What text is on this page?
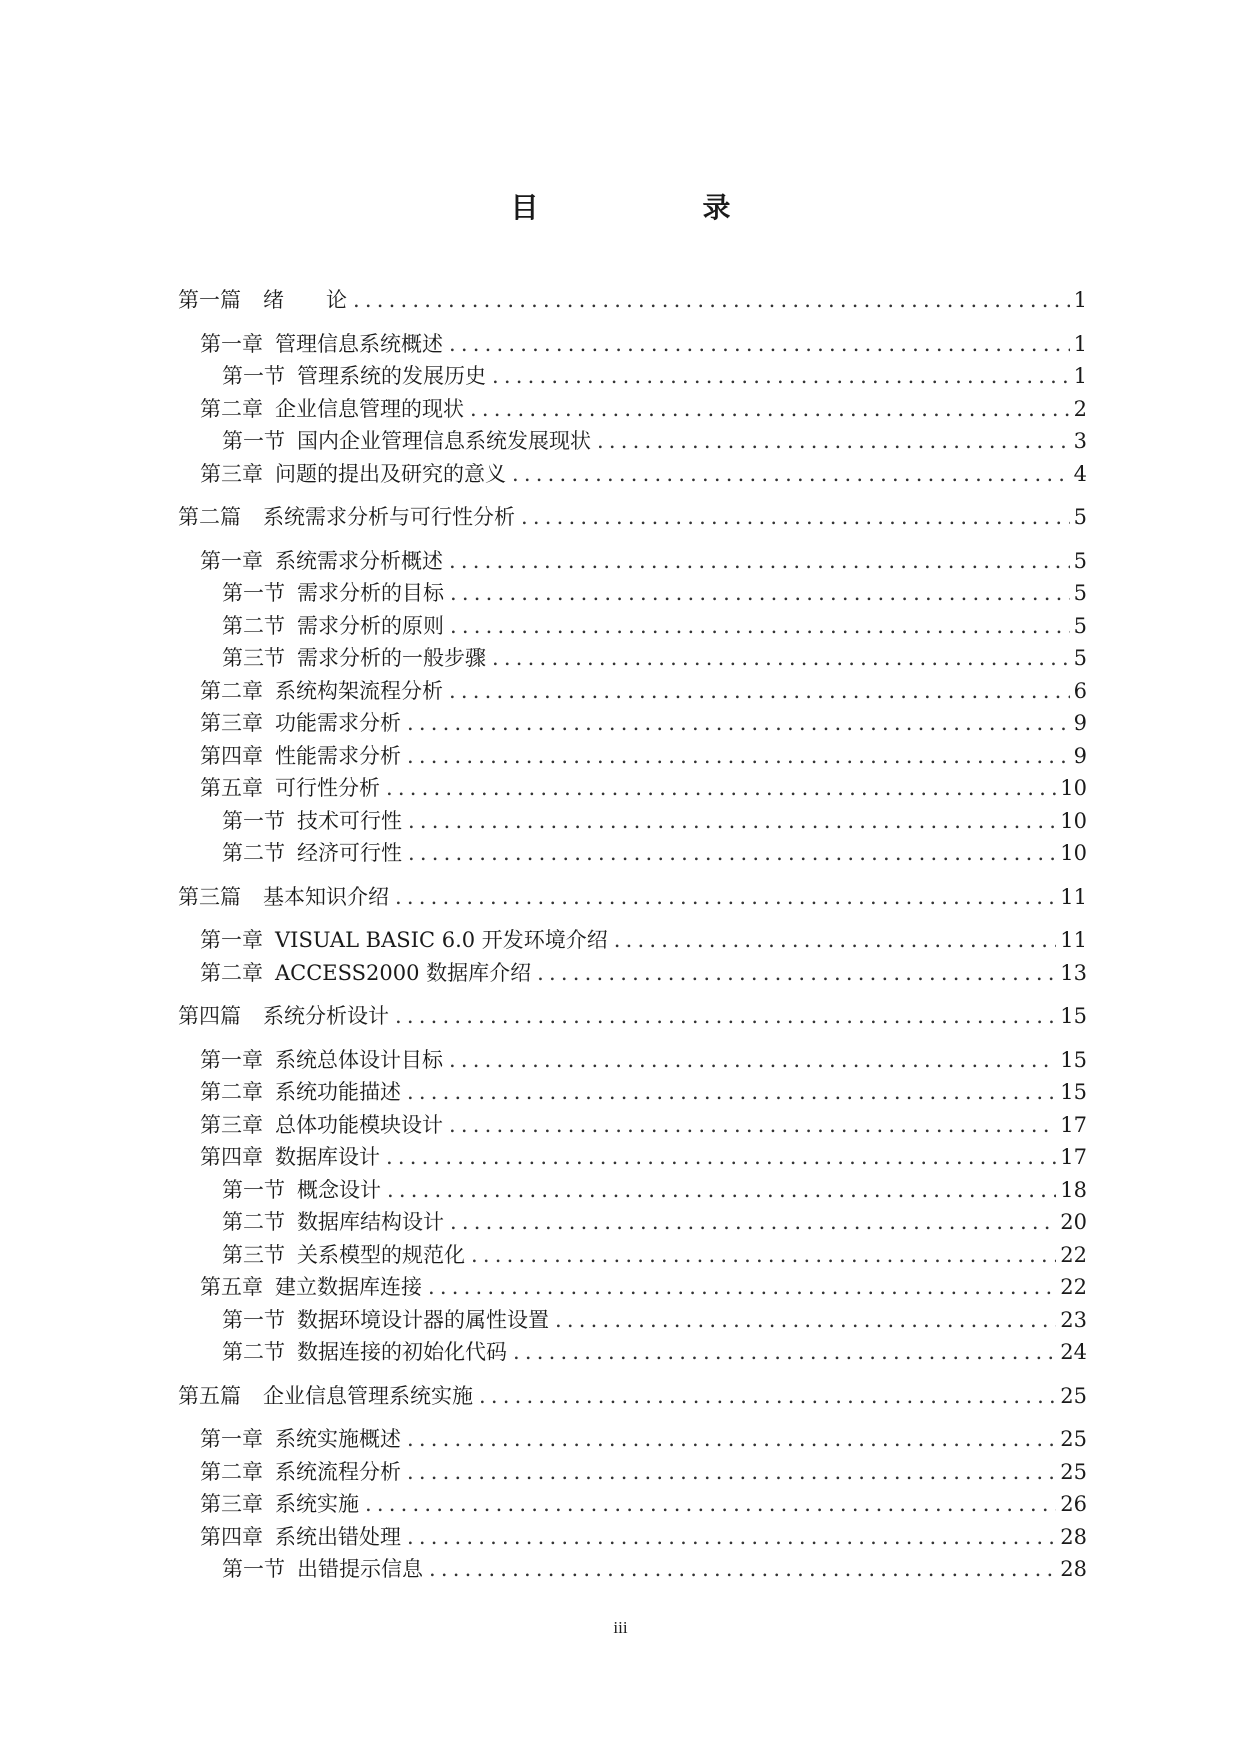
目　　录
第一篇 绪　　论 .....	1
第一章 管理信息系统概述 .....	1
第一节 管理系统的发展历史 .....	1
第二章 企业信息管理的现状 .....	2
第一节 国内企业管理信息系统发展现状 .....	3
第三章 问题的提出及研究的意义 .....	4
第二篇 系统需求分析与可行性分析 .....	5
第一章 系统需求分析概述 .....	5
第一节 需求分析的目标 .....	5
第二节 需求分析的原则 .....	5
第三节 需求分析的一般步骤 .....	5
第二章 系统构架流程分析 .....	6
第三章 功能需求分析 .....	9
第四章 性能需求分析 .....	9
第五章 可行性分析 .....	10
第一节 技术可行性 .....	10
第二节 经济可行性 .....	10
第三篇 基本知识介绍 .....	11
第一章 VISUAL BASIC 6.0 开发环境介绍 .....	11
第二章 ACCESS2000 数据库介绍 .....	13
第四篇 系统分析设计 .....	15
第一章 系统总体设计目标 .....	15
第二章 系统功能描述 .....	15
第三章 总体功能模块设计 .....	17
第四章 数据库设计 .....	17
第一节 概念设计 .....	18
第二节 数据库结构设计 .....	20
第三节 关系模型的规范化 .....	22
第五章 建立数据库连接 .....	22
第一节 数据环境设计器的属性设置 .....	23
第二节 数据连接的初始化代码 .....	24
第五篇 企业信息管理系统实施 .....	25
第一章 系统实施概述 .....	25
第二章 系统流程分析 .....	25
第三章 系统实施 .....	26
第四章 系统出错处理 .....	28
第一节 出错提示信息 .....	28
iii
